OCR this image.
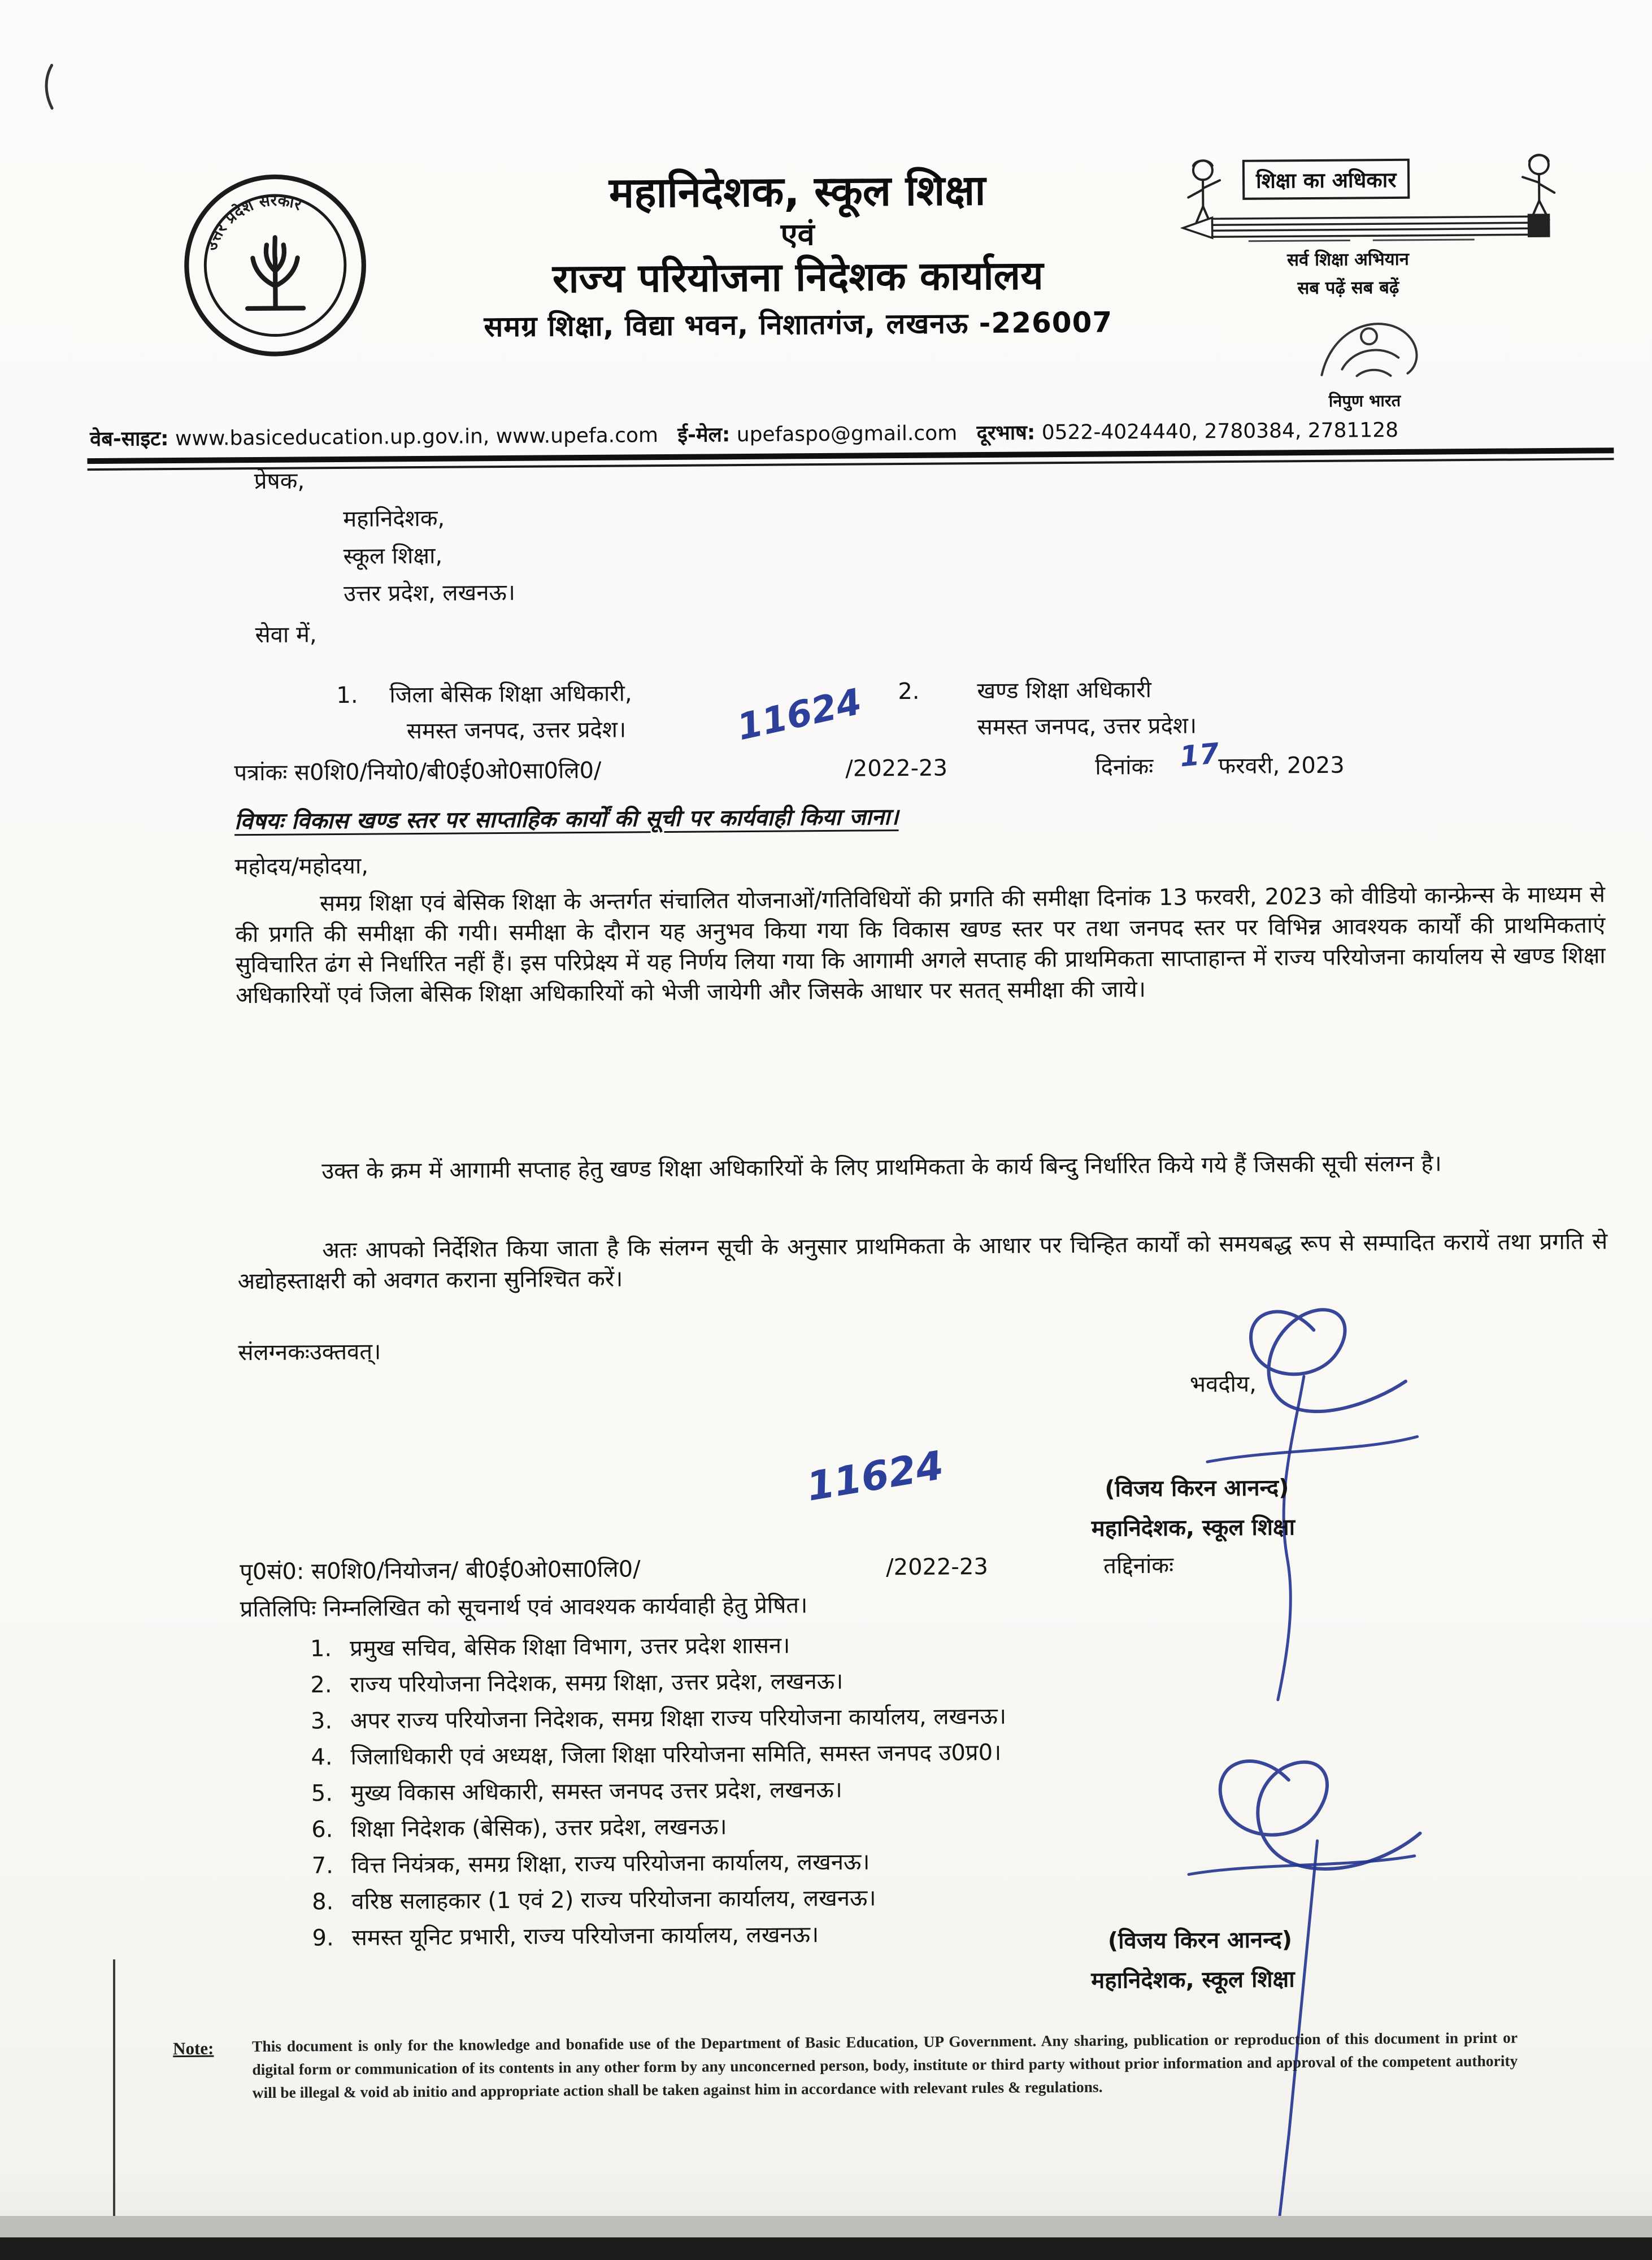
उत्तर प्रदेश सरकार	महानिदेशक, स्कूल शिक्षा
एवं
राज्य परियोजना निदेशक कार्यालय
समग्र शिक्षा, विद्या भवन, निशातगंज, लखनऊ -226007
शिक्षा का अधिकार
सर्व शिक्षा अभियान
सब पढ़ें सब बढ़ें
निपुण भारत
वेब-साइट: www.basiceducation.up.gov.in, www.upefa.com ई-मेल: upefaspo@gmail.com दूरभाष: 0522-4024440, 2780384, 2781128
प्रेषक,
महानिदेशक,
स्कूल शिक्षा,
उत्तर प्रदेश, लखनऊ।
सेवा में,
1. जिला बेसिक शिक्षा अधिकारी,
समस्त जनपद, उत्तर प्रदेश।
2.	खण्ड शिक्षा अधिकारी
समस्त जनपद, उत्तर प्रदेश।
पत्रांकः स0शि0/नियो0/बी0ई0ओ0सा0लि0/
11624
/2022-23	दिनांकः 17
फरवरी, 2023
विषयः विकास खण्ड स्तर पर साप्ताहिक कार्यों की सूची पर कार्यवाही किया जाना।
महोदय/महोदया,
समग्र शिक्षा एवं बेसिक शिक्षा के अन्तर्गत संचालित योजनाओं/गतिविधियों की प्रगति की समीक्षा दिनांक 13 फरवरी, 2023 को वीडियो कान्फ्रेन्स के माध्यम से की प्रगति की समीक्षा की गयी। समीक्षा के दौरान यह अनुभव किया गया कि विकास खण्ड स्तर पर तथा जनपद स्तर पर विभिन्न आवश्यक कार्यों की प्राथमिकताएं सुविचारित ढंग से निर्धारित नहीं हैं। इस परिप्रेक्ष्य में यह निर्णय लिया गया कि आगामी अगले सप्ताह की प्राथमिकता साप्ताहान्त में राज्य परियोजना कार्यालय से खण्ड शिक्षा अधिकारियों एवं जिला बेसिक शिक्षा अधिकारियों को भेजी जायेगी और जिसके आधार पर सतत् समीक्षा की जाये।
उक्त के क्रम में आगामी सप्ताह हेतु खण्ड शिक्षा अधिकारियों के लिए प्राथमिकता के कार्य बिन्दु निर्धारित किये गये हैं जिसकी सूची संलग्न है।
अतः आपको निर्देशित किया जाता है कि संलग्न सूची के अनुसार प्राथमिकता के आधार पर चिन्हित कार्यों को समयबद्ध रूप से सम्पादित करायें तथा प्रगति से अद्योहस्ताक्षरी को अवगत कराना सुनिश्चित करें।
संलग्नकःउक्तवत्।
भवदीय,
(विजय किरन आनन्द)
महानिदेशक, स्कूल शिक्षा
11624
पृ0सं0: स0शि0/नियोजन/ बी0ई0ओ0सा0लि0/	/2022-23	तद्दिनांकः
प्रतिलिपिः निम्नलिखित को सूचनार्थ एवं आवश्यक कार्यवाही हेतु प्रेषित।
1. प्रमुख सचिव, बेसिक शिक्षा विभाग, उत्तर प्रदेश शासन।
2. राज्य परियोजना निदेशक, समग्र शिक्षा, उत्तर प्रदेश, लखनऊ।
3. अपर राज्य परियोजना निदेशक, समग्र शिक्षा राज्य परियोजना कार्यालय, लखनऊ।
4. जिलाधिकारी एवं अध्यक्ष, जिला शिक्षा परियोजना समिति, समस्त जनपद उ0प्र0।
5. मुख्य विकास अधिकारी, समस्त जनपद उत्तर प्रदेश, लखनऊ।
6. शिक्षा निदेशक (बेसिक), उत्तर प्रदेश, लखनऊ।
7. वित्त नियंत्रक, समग्र शिक्षा, राज्य परियोजना कार्यालय, लखनऊ।
8. वरिष्ठ सलाहकार (1 एवं 2) राज्य परियोजना कार्यालय, लखनऊ।
9. समस्त यूनिट प्रभारी, राज्य परियोजना कार्यालय, लखनऊ।	(विजय किरन आनन्द)
महानिदेशक, स्कूल शिक्षा
Note: This document is only for the knowledge and bonafide use of the Department of Basic Education, UP Government. Any sharing, publication or reproduction of this document in print or digital form or communication of its contents in any other form by any unconcerned person, body, institute or third party without prior information and approval of the competent authority will be illegal & void ab initio and appropriate action shall be taken against him in accordance with relevant rules & regulations.
